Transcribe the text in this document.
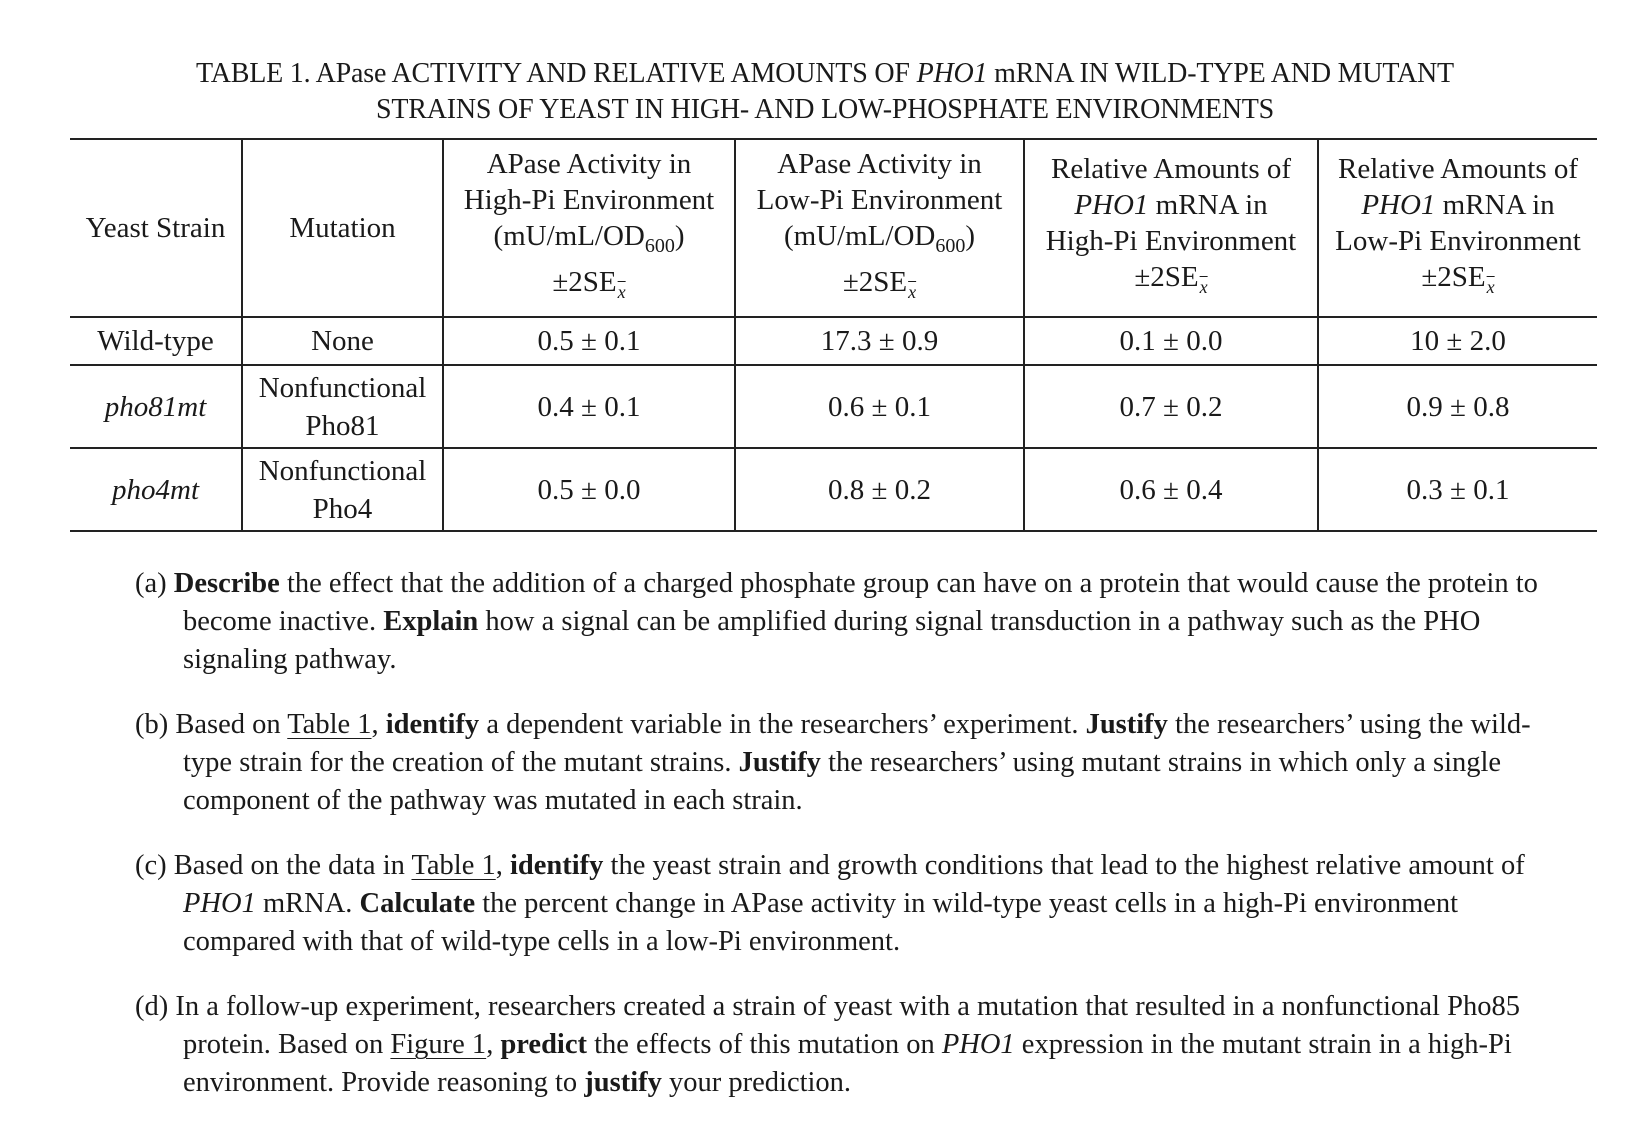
TABLE 1. APase ACTIVITY AND RELATIVE AMOUNTS OF PHO1 mRNA IN WILD-TYPE AND MUTANT
STRAINS OF YEAST IN HIGH- AND LOW-PHOSPHATE ENVIRONMENTS
Yeast Strain	Mutation	APase Activity in
High-Pi Environment
$(mU/mL/OD_{600})$
$\pm 2SE\overline{x}$	APase Activity in
Low-Pi Environment
$(mU/mL/OD_{600})$
$\pm 2SE\overline{x}$	Relative Amounts of
PHO1 mRNA in
High-Pi Environment
$\pm 2SE\overline{x}$	Relative Amounts of
PHO1 mRNA in
Low-Pi Environment
$\pm 2SE\overline{x}$

Wild-type	None	0.5 ± 0.1	17.3 ± 0.9	0.1 ± 0.0	10 ± 2.0
pho81mt	Nonfunctional
Pho81	0.4 ± 0.1	0.6 ± 0.1	0.7 ± 0.2	0.9 ± 0.8
pho4mt	Nonfunctional
Pho4	0.5 ± 0.0	0.8 ± 0.2	0.6 ± 0.4	0.3 ± 0.1

(a) Describe the effect that the addition of a charged phosphate group can have on a protein that would cause the protein to become inactive. Explain how a signal can be amplified during signal transduction in a pathway such as the PHO signaling pathway.

(b) Based on Table 1, identify a dependent variable in the researchers’ experiment. Justify the researchers’ using the wild-type strain for the creation of the mutant strains. Justify the researchers’ using mutant strains in which only a single component of the pathway was mutated in each strain.

(c) Based on the data in Table 1, identify the yeast strain and growth conditions that lead to the highest relative amount of PHO1 mRNA. Calculate the percent change in APase activity in wild-type yeast cells in a high-Pi environment compared with that of wild-type cells in a low-Pi environment.

(d) In a follow-up experiment, researchers created a strain of yeast with a mutation that resulted in a nonfunctional Pho85 protein. Based on Figure 1, predict the effects of this mutation on PHO1 expression in the mutant strain in a high-Pi environment. Provide reasoning to justify your prediction.
